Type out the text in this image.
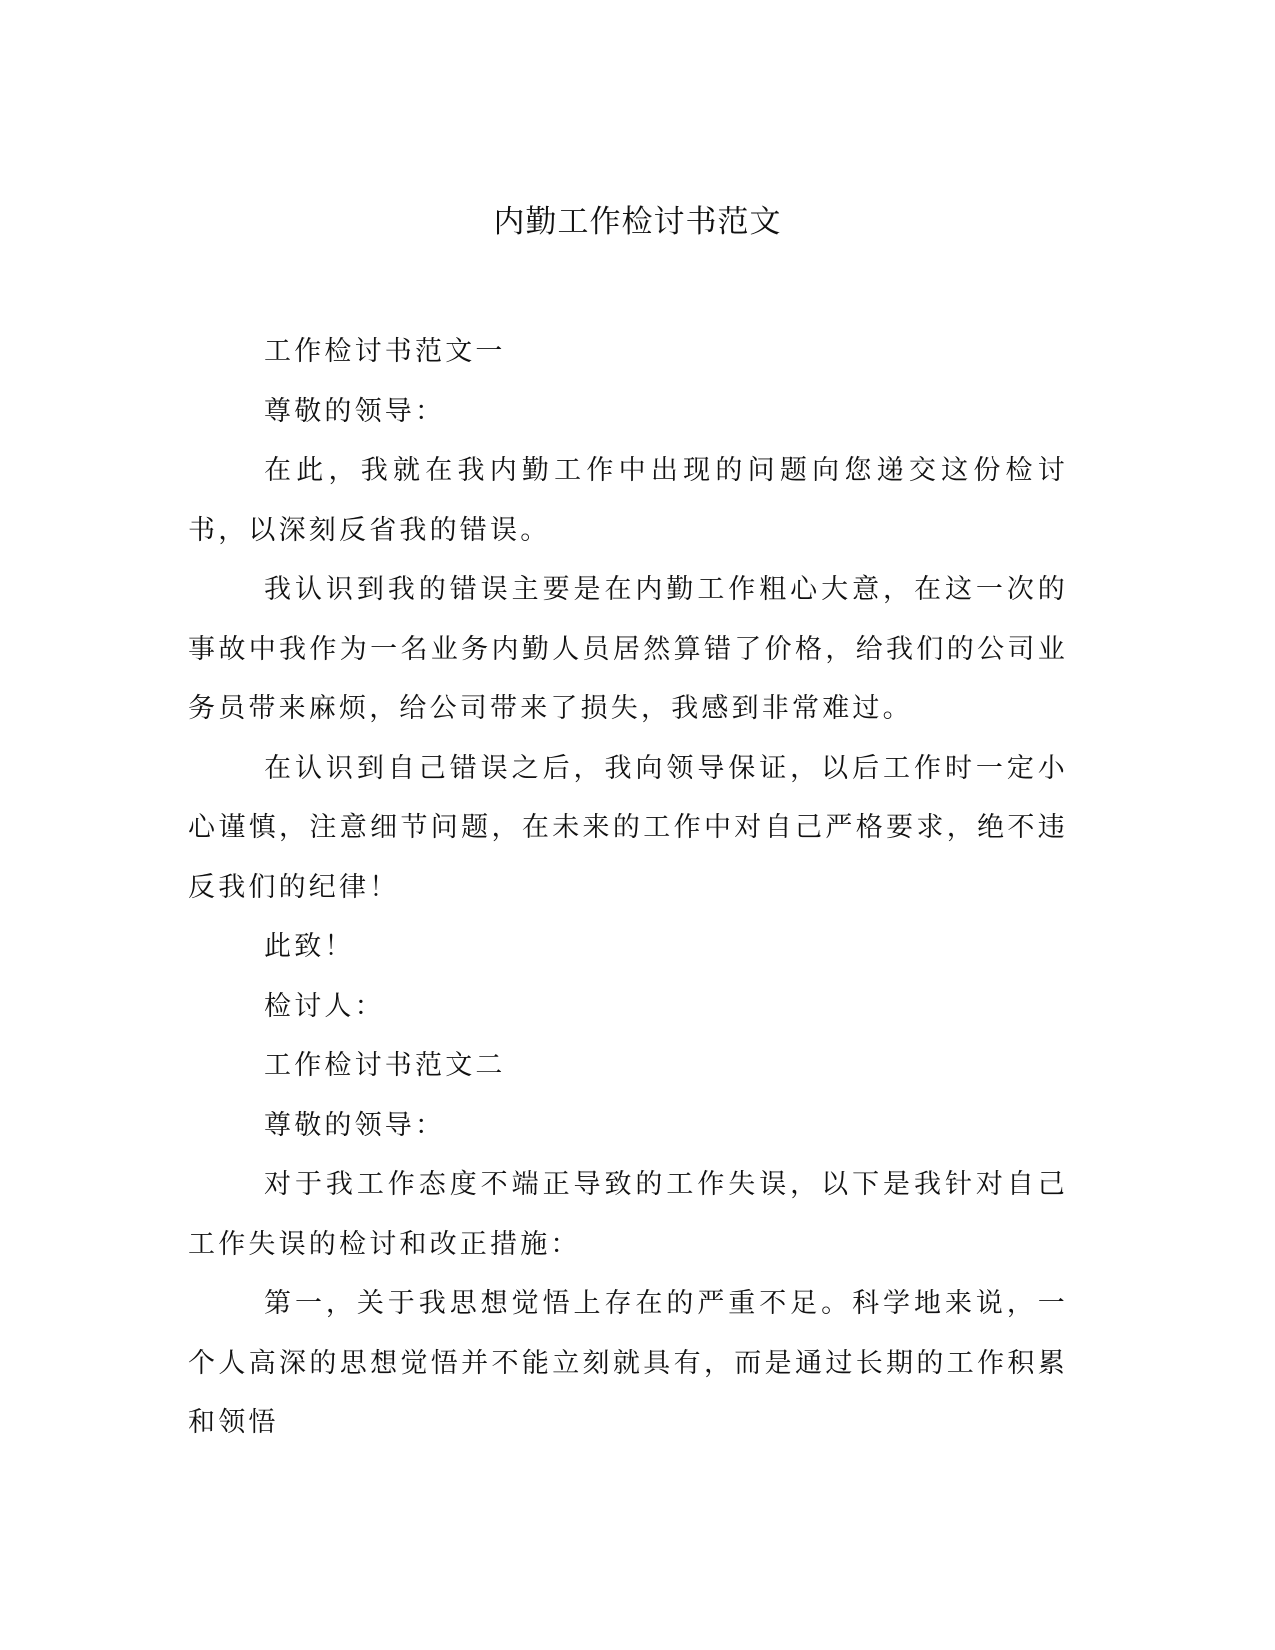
内勤工作检讨书范文

工作检讨书范文一

尊敬的领导：

在此，我就在我内勤工作中出现的问题向您递交这份检讨书，以深刻反省我的错误。

我认识到我的错误主要是在内勤工作粗心大意，在这一次的事故中我作为一名业务内勤人员居然算错了价格，给我们的公司业务员带来麻烦，给公司带来了损失，我感到非常难过。

在认识到自己错误之后，我向领导保证，以后工作时一定小心谨慎，注意细节问题，在未来的工作中对自己严格要求，绝不违反我们的纪律！

此致！

检讨人：

工作检讨书范文二

尊敬的领导：

对于我工作态度不端正导致的工作失误，以下是我针对自己工作失误的检讨和改正措施：

第一，关于我思想觉悟上存在的严重不足。科学地来说，一个人高深的思想觉悟并不能立刻就具有，而是通过长期的工作积累和领悟
